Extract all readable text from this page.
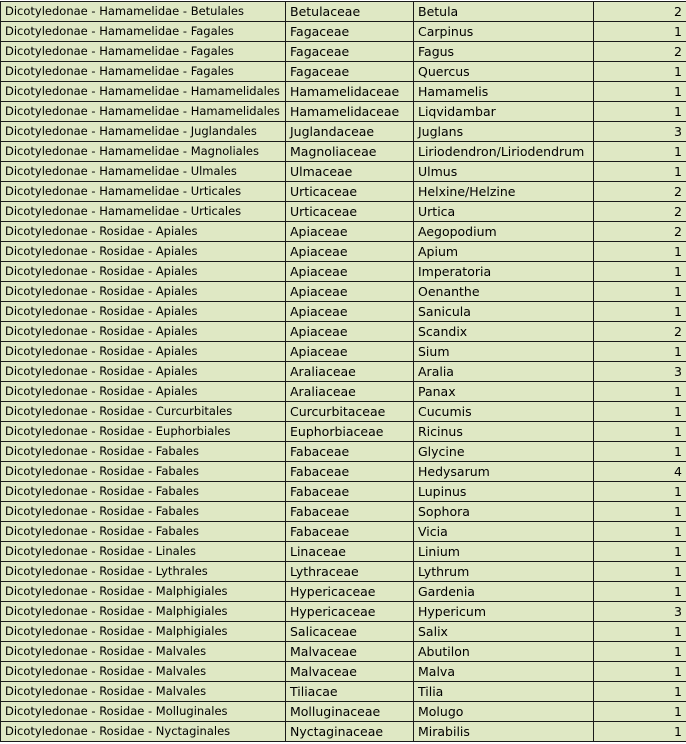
Dicotyledonae - Hamamelidae - Betulales	Betulaceae	Betula	2
Dicotyledonae - Hamamelidae - Fagales	Fagaceae	Carpinus	1
Dicotyledonae - Hamamelidae - Fagales	Fagaceae	Fagus	2
Dicotyledonae - Hamamelidae - Fagales	Fagaceae	Quercus	1
Dicotyledonae - Hamamelidae - Hamamelidales	Hamamelidaceae	Hamamelis	1
Dicotyledonae - Hamamelidae - Hamamelidales	Hamamelidaceae	Liqvidambar	1
Dicotyledonae - Hamamelidae - Juglandales	Juglandaceae	Juglans	3
Dicotyledonae - Hamamelidae - Magnoliales	Magnoliaceae	Liriodendron/Liriodendrum	1
Dicotyledonae - Hamamelidae - Ulmales	Ulmaceae	Ulmus	1
Dicotyledonae - Hamamelidae - Urticales	Urticaceae	Helxine/Helzine	2
Dicotyledonae - Hamamelidae - Urticales	Urticaceae	Urtica	2
Dicotyledonae - Rosidae - Apiales	Apiaceae	Aegopodium	2
Dicotyledonae - Rosidae - Apiales	Apiaceae	Apium	1
Dicotyledonae - Rosidae - Apiales	Apiaceae	Imperatoria	1
Dicotyledonae - Rosidae - Apiales	Apiaceae	Oenanthe	1
Dicotyledonae - Rosidae - Apiales	Apiaceae	Sanicula	1
Dicotyledonae - Rosidae - Apiales	Apiaceae	Scandix	2
Dicotyledonae - Rosidae - Apiales	Apiaceae	Sium	1
Dicotyledonae - Rosidae - Apiales	Araliaceae	Aralia	3
Dicotyledonae - Rosidae - Apiales	Araliaceae	Panax	1
Dicotyledonae - Rosidae - Curcurbitales	Curcurbitaceae	Cucumis	1
Dicotyledonae - Rosidae - Euphorbiales	Euphorbiaceae	Ricinus	1
Dicotyledonae - Rosidae - Fabales	Fabaceae	Glycine	1
Dicotyledonae - Rosidae - Fabales	Fabaceae	Hedysarum	4
Dicotyledonae - Rosidae - Fabales	Fabaceae	Lupinus	1
Dicotyledonae - Rosidae - Fabales	Fabaceae	Sophora	1
Dicotyledonae - Rosidae - Fabales	Fabaceae	Vicia	1
Dicotyledonae - Rosidae - Linales	Linaceae	Linium	1
Dicotyledonae - Rosidae - Lythrales	Lythraceae	Lythrum	1
Dicotyledonae - Rosidae - Malphigiales	Hypericaceae	Gardenia	1
Dicotyledonae - Rosidae - Malphigiales	Hypericaceae	Hypericum	3
Dicotyledonae - Rosidae - Malphigiales	Salicaceae	Salix	1
Dicotyledonae - Rosidae - Malvales	Malvaceae	Abutilon	1
Dicotyledonae - Rosidae - Malvales	Malvaceae	Malva	1
Dicotyledonae - Rosidae - Malvales	Tiliacae	Tilia	1
Dicotyledonae - Rosidae - Molluginales	Molluginaceae	Molugo	1
Dicotyledonae - Rosidae - Nyctaginales	Nyctaginaceae	Mirabilis	1
